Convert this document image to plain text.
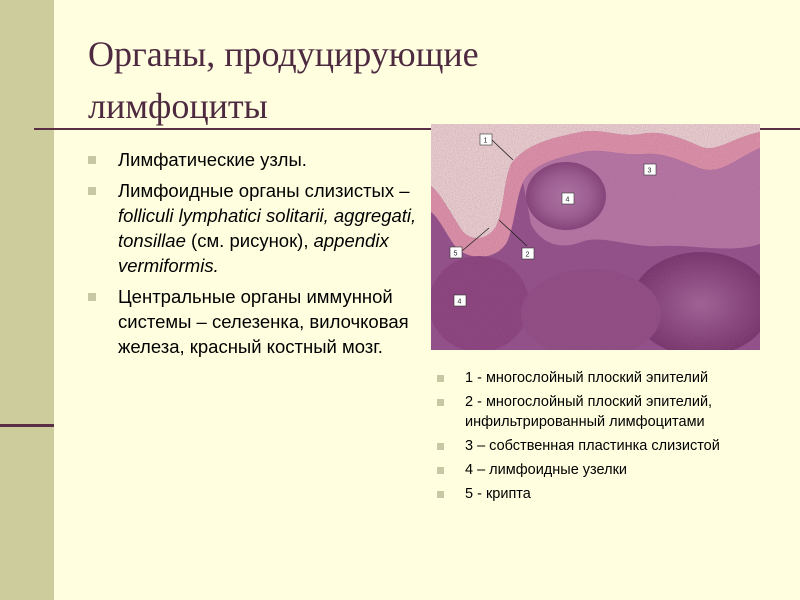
Органы, продуцирующие лимфоциты
Лимфатические узлы.
Лимфоидные органы слизистых – folliculi lymphatici solitarii, aggregati, tonsillae (см. рисунок), appendix vermiformis.
Центральные органы иммунной системы – селезенка, вилочковая железа, красный костный мозг.
1
3
4
5	2
4
1 - многослойный плоский эпителий
2 - многослойный плоский эпителий, инфильтрированный лимфоцитами
3 – собственная пластинка слизистой
4 – лимфоидные узелки
5 - крипта
